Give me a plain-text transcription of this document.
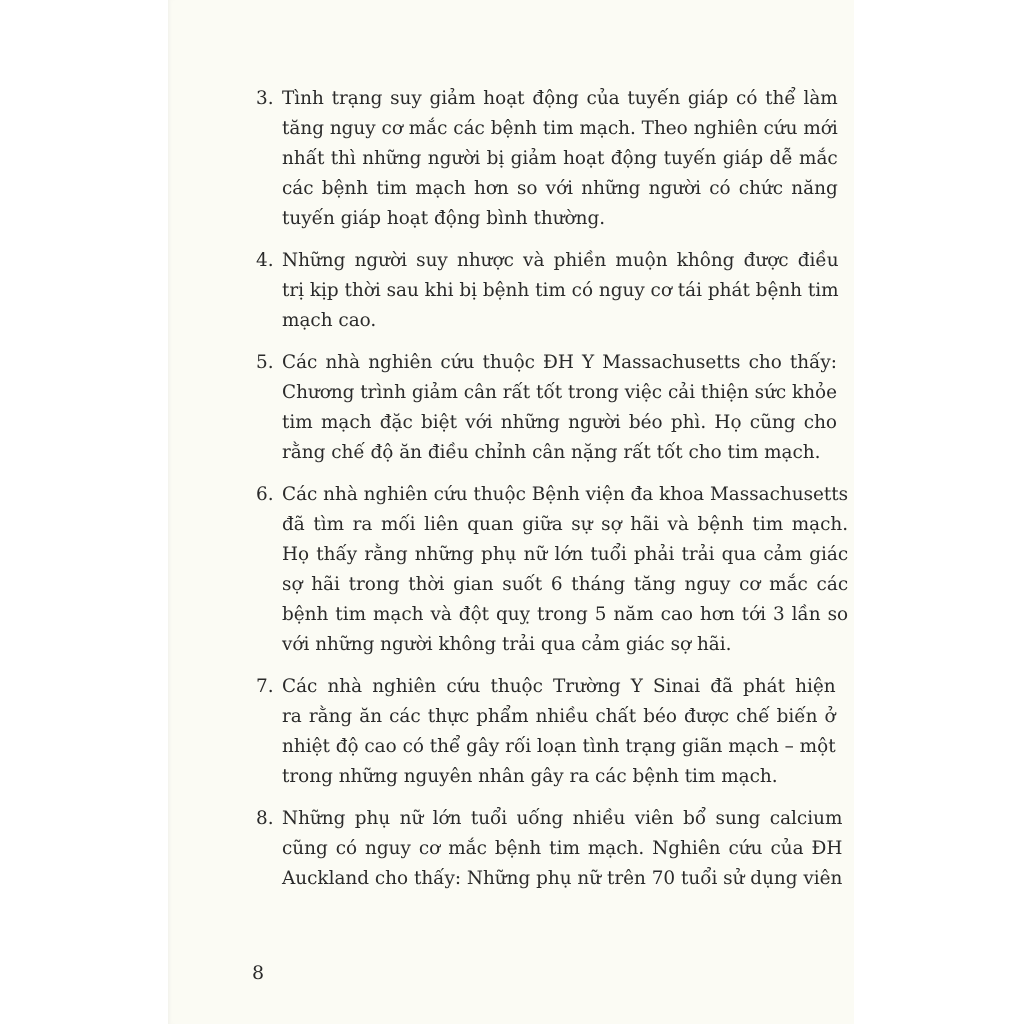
3. Tình trạng suy giảm hoạt động của tuyến giáp có thể làm
tăng nguy cơ mắc các bệnh tim mạch. Theo nghiên cứu mới
nhất thì những người bị giảm hoạt động tuyến giáp dễ mắc
các bệnh tim mạch hơn so với những người có chức năng
tuyến giáp hoạt động bình thường.
4. Những người suy nhược và phiền muộn không được điều
trị kịp thời sau khi bị bệnh tim có nguy cơ tái phát bệnh tim
mạch cao.
5. Các nhà nghiên cứu thuộc ĐH Y Massachusetts cho thấy:
Chương trình giảm cân rất tốt trong việc cải thiện sức khỏe
tim mạch đặc biệt với những người béo phì. Họ cũng cho
rằng chế độ ăn điều chỉnh cân nặng rất tốt cho tim mạch.
6. Các nhà nghiên cứu thuộc Bệnh viện đa khoa Massachusetts
đã tìm ra mối liên quan giữa sự sợ hãi và bệnh tim mạch.
Họ thấy rằng những phụ nữ lớn tuổi phải trải qua cảm giác
sợ hãi trong thời gian suốt 6 tháng tăng nguy cơ mắc các
bệnh tim mạch và đột quỵ trong 5 năm cao hơn tới 3 lần so
với những người không trải qua cảm giác sợ hãi.
7. Các nhà nghiên cứu thuộc Trường Y Sinai đã phát hiện
ra rằng ăn các thực phẩm nhiều chất béo được chế biến ở
nhiệt độ cao có thể gây rối loạn tình trạng giãn mạch – một
trong những nguyên nhân gây ra các bệnh tim mạch.
8. Những phụ nữ lớn tuổi uống nhiều viên bổ sung calcium
cũng có nguy cơ mắc bệnh tim mạch. Nghiên cứu của ĐH
Auckland cho thấy: Những phụ nữ trên 70 tuổi sử dụng viên
8
